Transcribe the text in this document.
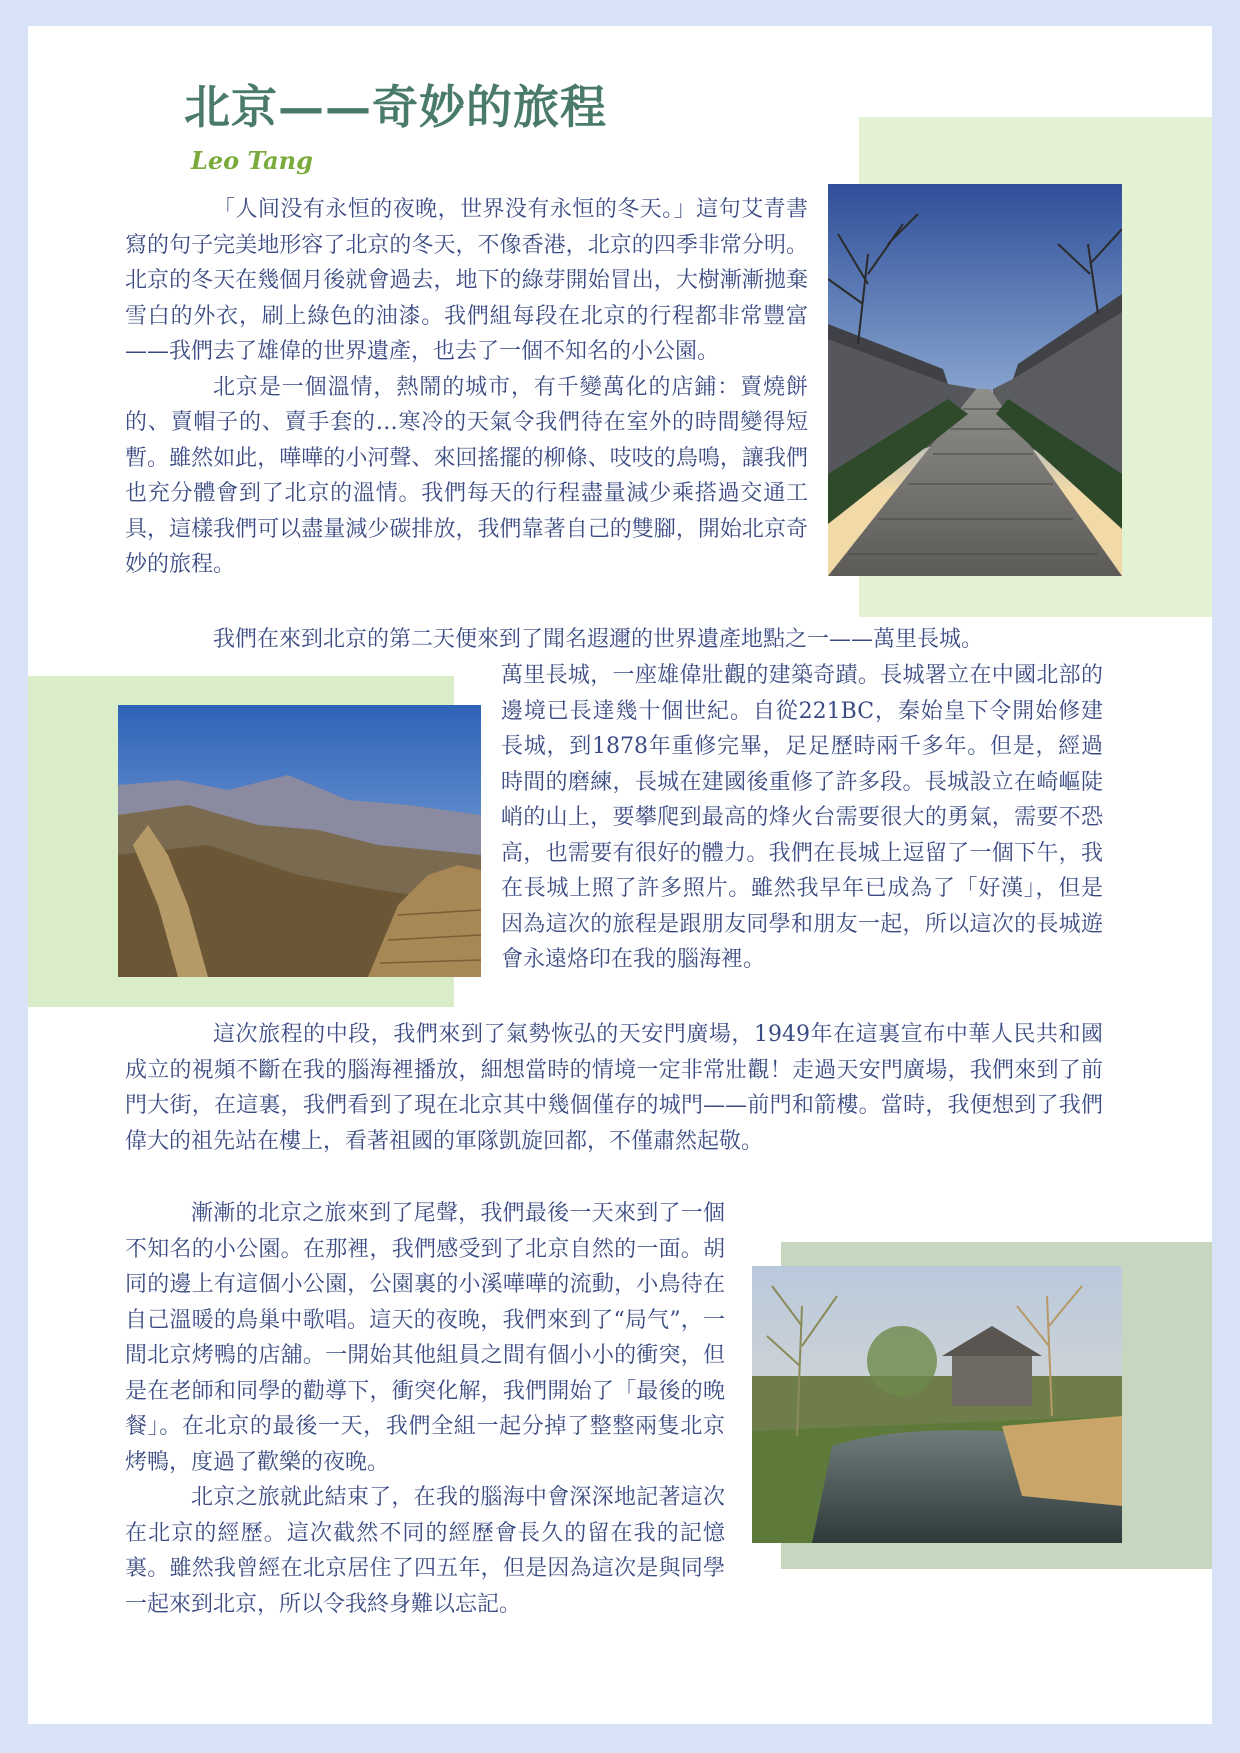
北京——奇妙的旅程
Leo Tang

「人间没有永恒的夜晚，世界没有永恒的冬天。」這句艾青書寫的句子完美地形容了北京的冬天，不像香港，北京的四季非常分明。北京的冬天在幾個月後就會過去，地下的綠芽開始冒出，大樹漸漸拋棄雪白的外衣，刷上綠色的油漆。我們組每段在北京的行程都非常豐富——我們去了雄偉的世界遺產，也去了一個不知名的小公園。

北京是一個溫情，熱鬧的城市，有千變萬化的店鋪：賣燒餅的、賣帽子的、賣手套的…寒冷的天氣令我們待在室外的時間變得短暫。雖然如此，嘩嘩的小河聲、來回搖擺的柳條、吱吱的鳥鳴，讓我們也充分體會到了北京的溫情。我們每天的行程盡量減少乘搭過交通工具，這樣我們可以盡量減少碳排放，我們靠著自己的雙腳，開始北京奇妙的旅程。

我們在來到北京的第二天便來到了聞名遐邇的世界遺產地點之一——萬里長城。

萬里長城，一座雄偉壯觀的建築奇蹟。長城署立在中國北部的邊境已長達幾十個世紀。自從221BC，秦始皇下令開始修建長城，到1878年重修完畢，足足歷時兩千多年。但是，經過時間的磨練，長城在建國後重修了許多段。長城設立在崎嶇陡峭的山上，要攀爬到最高的烽火台需要很大的勇氣，需要不恐高，也需要有很好的體力。我們在長城上逗留了一個下午，我在長城上照了許多照片。雖然我早年已成為了「好漢」，但是因為這次的旅程是跟朋友同學和朋友一起，所以這次的長城遊會永遠烙印在我的腦海裡。

這次旅程的中段，我們來到了氣勢恢弘的天安門廣場，1949年在這裏宣布中華人民共和國成立的視頻不斷在我的腦海裡播放，細想當時的情境一定非常壯觀！走過天安門廣場，我們來到了前門大街，在這裏，我們看到了現在北京其中幾個僅存的城門——前門和箭樓。當時，我便想到了我們偉大的祖先站在樓上，看著祖國的軍隊凱旋回都，不僅肅然起敬。

漸漸的北京之旅來到了尾聲，我們最後一天來到了一個不知名的小公園。在那裡，我們感受到了北京自然的一面。胡同的邊上有這個小公園，公園裏的小溪嘩嘩的流動，小鳥待在自己溫暖的鳥巢中歌唱。這天的夜晚，我們來到了“局气”，一間北京烤鴨的店舖。一開始其他組員之間有個小小的衝突，但是在老師和同學的勸導下，衝突化解，我們開始了「最後的晚餐」。在北京的最後一天，我們全組一起分掉了整整兩隻北京烤鴨，度過了歡樂的夜晚。

北京之旅就此結束了，在我的腦海中會深深地記著這次在北京的經歷。這次截然不同的經歷會長久的留在我的記憶裏。雖然我曾經在北京居住了四五年，但是因為這次是與同學一起來到北京，所以令我終身難以忘記。
